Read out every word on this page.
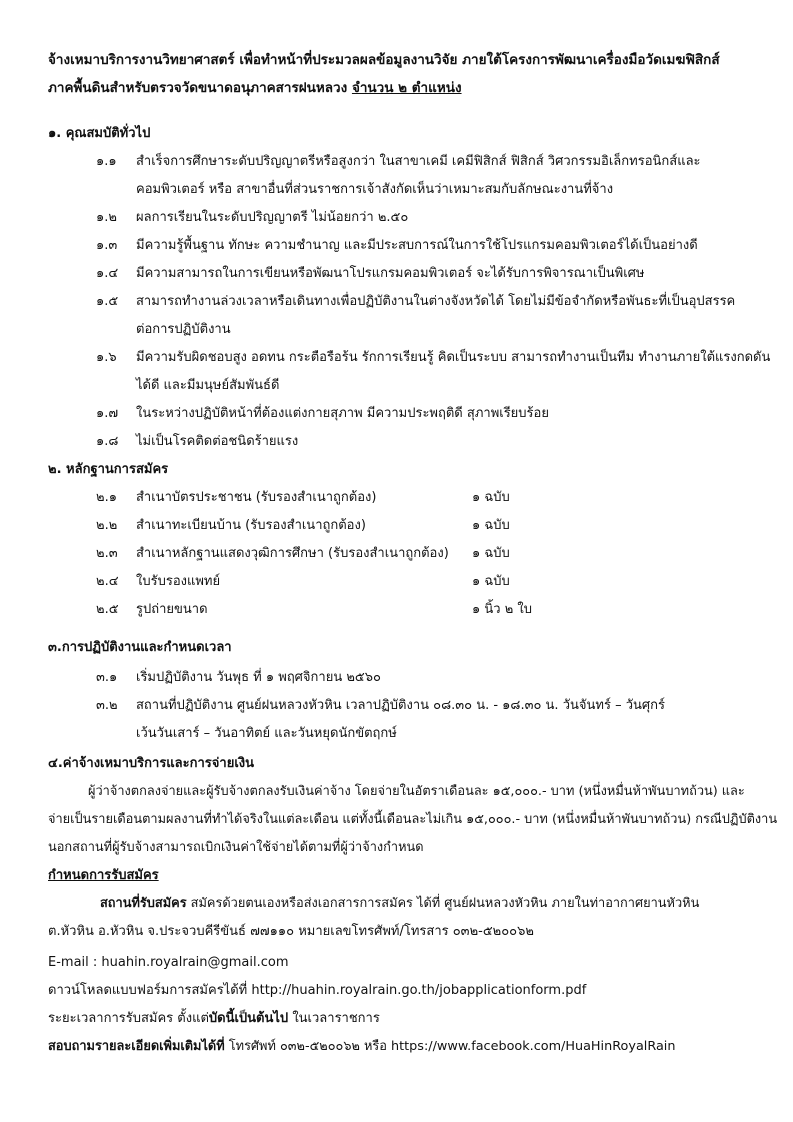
จ้างเหมาบริการงานวิทยาศาสตร์ เพื่อทำหน้าที่ประมวลผลข้อมูลงานวิจัย ภายใต้โครงการพัฒนาเครื่องมือวัดเมฆฟิสิกส์
ภาคพื้นดินสำหรับตรวจวัดขนาดอนุภาคสารฝนหลวง จำนวน ๒ ตำแหน่ง
๑. คุณสมบัติทั่วไป
๑.๑ สำเร็จการศึกษาระดับปริญญาตรีหรือสูงกว่า ในสาขาเคมี เคมีฟิสิกส์ ฟิสิกส์ วิศวกรรมอิเล็กทรอนิกส์และ
คอมพิวเตอร์ หรือ สาขาอื่นที่ส่วนราชการเจ้าสังกัดเห็นว่าเหมาะสมกับลักษณะงานที่จ้าง
๑.๒ ผลการเรียนในระดับปริญญาตรี ไม่น้อยกว่า ๒.๕๐
๑.๓ มีความรู้พื้นฐาน ทักษะ ความชำนาญ และมีประสบการณ์ในการใช้โปรแกรมคอมพิวเตอร์ได้เป็นอย่างดี
๑.๔ มีความสามารถในการเขียนหรือพัฒนาโปรแกรมคอมพิวเตอร์ จะได้รับการพิจารณาเป็นพิเศษ
๑.๕ สามารถทำงานล่วงเวลาหรือเดินทางเพื่อปฏิบัติงานในต่างจังหวัดได้ โดยไม่มีข้อจำกัดหรือพันธะที่เป็นอุปสรรค
ต่อการปฏิบัติงาน
๑.๖ มีความรับผิดชอบสูง อดทน กระตือรือร้น รักการเรียนรู้ คิดเป็นระบบ สามารถทำงานเป็นทีม ทำงานภายใต้แรงกดดัน
ได้ดี และมีมนุษย์สัมพันธ์ดี
๑.๗ ในระหว่างปฏิบัติหน้าที่ต้องแต่งกายสุภาพ มีความประพฤติดี สุภาพเรียบร้อย
๑.๘ ไม่เป็นโรคติดต่อชนิดร้ายแรง
๒. หลักฐานการสมัคร
๒.๑ สำเนาบัตรประชาชน (รับรองสำเนาถูกต้อง)	๑ ฉบับ
๒.๒ สำเนาทะเบียนบ้าน (รับรองสำเนาถูกต้อง)	๑ ฉบับ
๒.๓ สำเนาหลักฐานแสดงวุฒิการศึกษา (รับรองสำเนาถูกต้อง) ๑ ฉบับ
๒.๔ ใบรับรองแพทย์	๑ ฉบับ
๒.๕ รูปถ่ายขนาด	๑ นิ้ว ๒ ใบ
๓.การปฏิบัติงานและกำหนดเวลา
๓.๑ เริ่มปฏิบัติงาน วันพุธ ที่ ๑ พฤศจิกายน ๒๕๖๐
๓.๒ สถานที่ปฏิบัติงาน ศูนย์ฝนหลวงหัวหิน เวลาปฏิบัติงาน ๐๘.๓๐ น. - ๑๘.๓๐ น. วันจันทร์ – วันศุกร์
เว้นวันเสาร์ – วันอาทิตย์ และวันหยุดนักขัตฤกษ์
๔.ค่าจ้างเหมาบริการและการจ่ายเงิน
ผู้ว่าจ้างตกลงจ่ายและผู้รับจ้างตกลงรับเงินค่าจ้าง โดยจ่ายในอัตราเดือนละ ๑๕,๐๐๐.- บาท (หนึ่งหมื่นห้าพันบาทถ้วน) และ
จ่ายเป็นรายเดือนตามผลงานที่ทำได้จริงในแต่ละเดือน แต่ทั้งนี้เดือนละไม่เกิน ๑๕,๐๐๐.- บาท (หนึ่งหมื่นห้าพันบาทถ้วน) กรณีปฏิบัติงาน
นอกสถานที่ผู้รับจ้างสามารถเบิกเงินค่าใช้จ่ายได้ตามที่ผู้ว่าจ้างกำหนด
กำหนดการรับสมัคร
สถานที่รับสมัคร สมัครด้วยตนเองหรือส่งเอกสารการสมัคร ได้ที่ ศูนย์ฝนหลวงหัวหิน ภายในท่าอากาศยานหัวหิน
ต.หัวหิน อ.หัวหิน จ.ประจวบคีรีขันธ์ ๗๗๑๑๐ หมายเลขโทรศัพท์/โทรสาร ๐๓๒-๕๒๐๐๖๒
E-mail : huahin.royalrain@gmail.com
ดาวน์โหลดแบบฟอร์มการสมัครได้ที่ http://huahin.royalrain.go.th/jobapplicationform.pdf
ระยะเวลาการรับสมัคร ตั้งแต่บัดนี้เป็นต้นไป ในเวลาราชการ
สอบถามรายละเอียดเพิ่มเติมได้ที่ โทรศัพท์ ๐๓๒-๕๒๐๐๖๒ หรือ https://www.facebook.com/HuaHinRoyalRain
